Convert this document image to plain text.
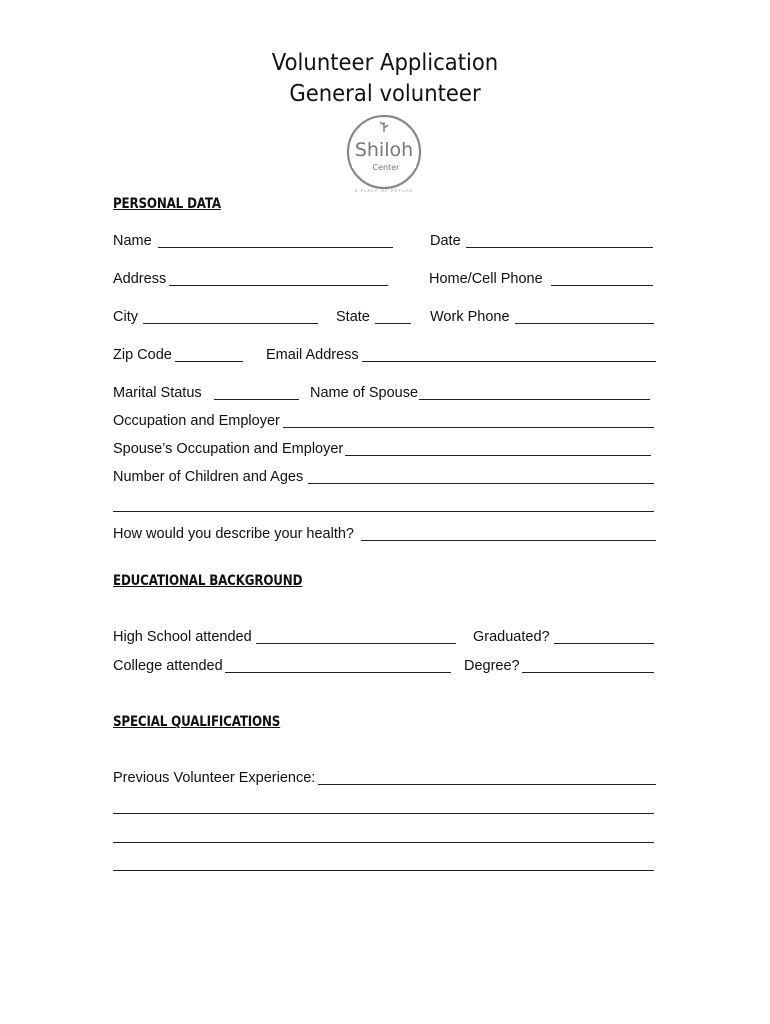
Volunteer Application
General volunteer
Shiloh
Center
A PLACE OF REFUGE
PERSONAL DATA
Name	Date
Address	Home/Cell Phone
City	State	Work Phone
Zip Code	Email Address
Marital Status	Name of Spouse
Occupation and Employer
Spouse’s Occupation and Employer
Number of Children and Ages
How would you describe your health?
EDUCATIONAL BACKGROUND
High School attended	Graduated?
College attended	Degree?
SPECIAL QUALIFICATIONS
Previous Volunteer Experience:
